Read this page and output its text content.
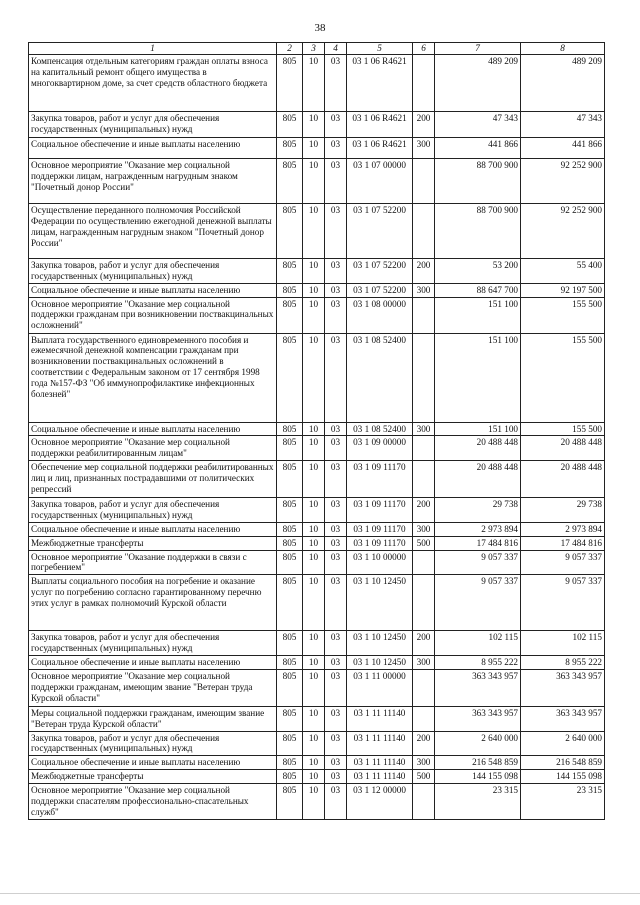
38
1	2	3	4	5	6	7	8
Компенсация отдельным категориям граждан оплаты взноса на капитальный ремонт общего имущества в многоквартирном доме, за счет средств областного бюджета	805	10	03	03 1 06 R4621		489 209	489 209
Закупка товаров, работ и услуг для обеспечения государственных (муниципальных) нужд	805	10	03	03 1 06 R4621	200	47 343	47 343
Социальное обеспечение и иные выплаты населению	805	10	03	03 1 06 R4621	300	441 866	441 866
Основное мероприятие "Оказание мер социальной поддержки лицам, награжденным нагрудным знаком "Почетный донор России"	805	10	03	03 1 07 00000		88 700 900	92 252 900
Осуществление переданного полномочия Российской Федерации по осуществлению ежегодной денежной выплаты лицам, награжденным нагрудным знаком "Почетный донор России"	805	10	03	03 1 07 52200		88 700 900	92 252 900
Закупка товаров, работ и услуг для обеспечения государственных (муниципальных) нужд	805	10	03	03 1 07 52200	200	53 200	55 400
Социальное обеспечение и иные выплаты населению	805	10	03	03 1 07 52200	300	88 647 700	92 197 500
Основное мероприятие "Оказание мер социальной поддержки гражданам при возникновении поствакцинальных осложнений"	805	10	03	03 1 08 00000		151 100	155 500
Выплата государственного единовременного пособия и ежемесячной денежной компенсации гражданам при возникновении поствакцинальных осложнений в соответствии с Федеральным законом от 17 сентября 1998 года №157-ФЗ "Об иммунопрофилактике инфекционных болезней"	805	10	03	03 1 08 52400		151 100	155 500
Социальное обеспечение и иные выплаты населению	805	10	03	03 1 08 52400	300	151 100	155 500
Основное мероприятие "Оказание мер социальной поддержки реабилитированным лицам"	805	10	03	03 1 09 00000		20 488 448	20 488 448
Обеспечение мер социальной поддержки реабилитированных лиц и лиц, признанных пострадавшими от политических репрессий	805	10	03	03 1 09 11170		20 488 448	20 488 448
Закупка товаров, работ и услуг для обеспечения государственных (муниципальных) нужд	805	10	03	03 1 09 11170	200	29 738	29 738
Социальное обеспечение и иные выплаты населению	805	10	03	03 1 09 11170	300	2 973 894	2 973 894
Межбюджетные трансферты	805	10	03	03 1 09 11170	500	17 484 816	17 484 816
Основное мероприятие "Оказание поддержки в связи с погребением"	805	10	03	03 1 10 00000		9 057 337	9 057 337
Выплаты социального пособия на погребение и оказание услуг по погребению согласно гарантированному перечню этих услуг в рамках полномочий Курской области	805	10	03	03 1 10 12450		9 057 337	9 057 337
Закупка товаров, работ и услуг для обеспечения государственных (муниципальных) нужд	805	10	03	03 1 10 12450	200	102 115	102 115
Социальное обеспечение и иные выплаты населению	805	10	03	03 1 10 12450	300	8 955 222	8 955 222
Основное мероприятие "Оказание мер социальной поддержки гражданам, имеющим звание "Ветеран труда Курской области"	805	10	03	03 1 11 00000		363 343 957	363 343 957
Меры социальной поддержки гражданам, имеющим звание "Ветеран труда Курской области"	805	10	03	03 1 11 11140		363 343 957	363 343 957
Закупка товаров, работ и услуг для обеспечения государственных (муниципальных) нужд	805	10	03	03 1 11 11140	200	2 640 000	2 640 000
Социальное обеспечение и иные выплаты населению	805	10	03	03 1 11 11140	300	216 548 859	216 548 859
Межбюджетные трансферты	805	10	03	03 1 11 11140	500	144 155 098	144 155 098
Основное мероприятие "Оказание мер социальной поддержки спасателям профессионально-спасательных служб"	805	10	03	03 1 12 00000		23 315	23 315
